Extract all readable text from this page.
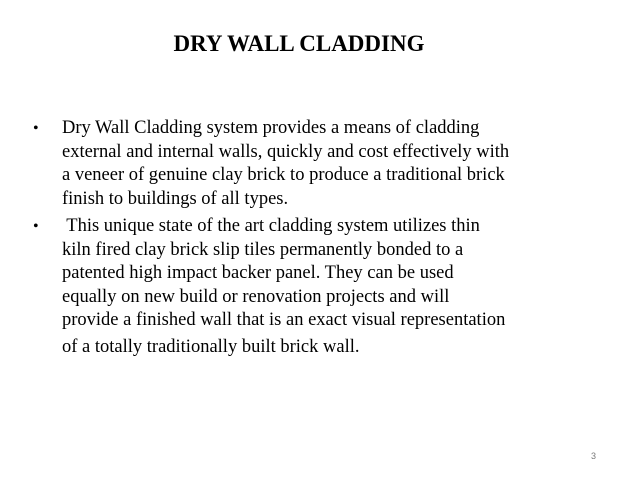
DRY WALL CLADDING
• Dry Wall Cladding system provides a means of cladding
external and internal walls, quickly and cost effectively with
a veneer of genuine clay brick to produce a traditional brick
finish to buildings of all types.
• This unique state of the art cladding system utilizes thin
kiln fired clay brick slip tiles permanently bonded to a
patented high impact backer panel. They can be used
equally on new build or renovation projects and will
provide a finished wall that is an exact visual representation
of a totally traditionally built brick wall.
3
